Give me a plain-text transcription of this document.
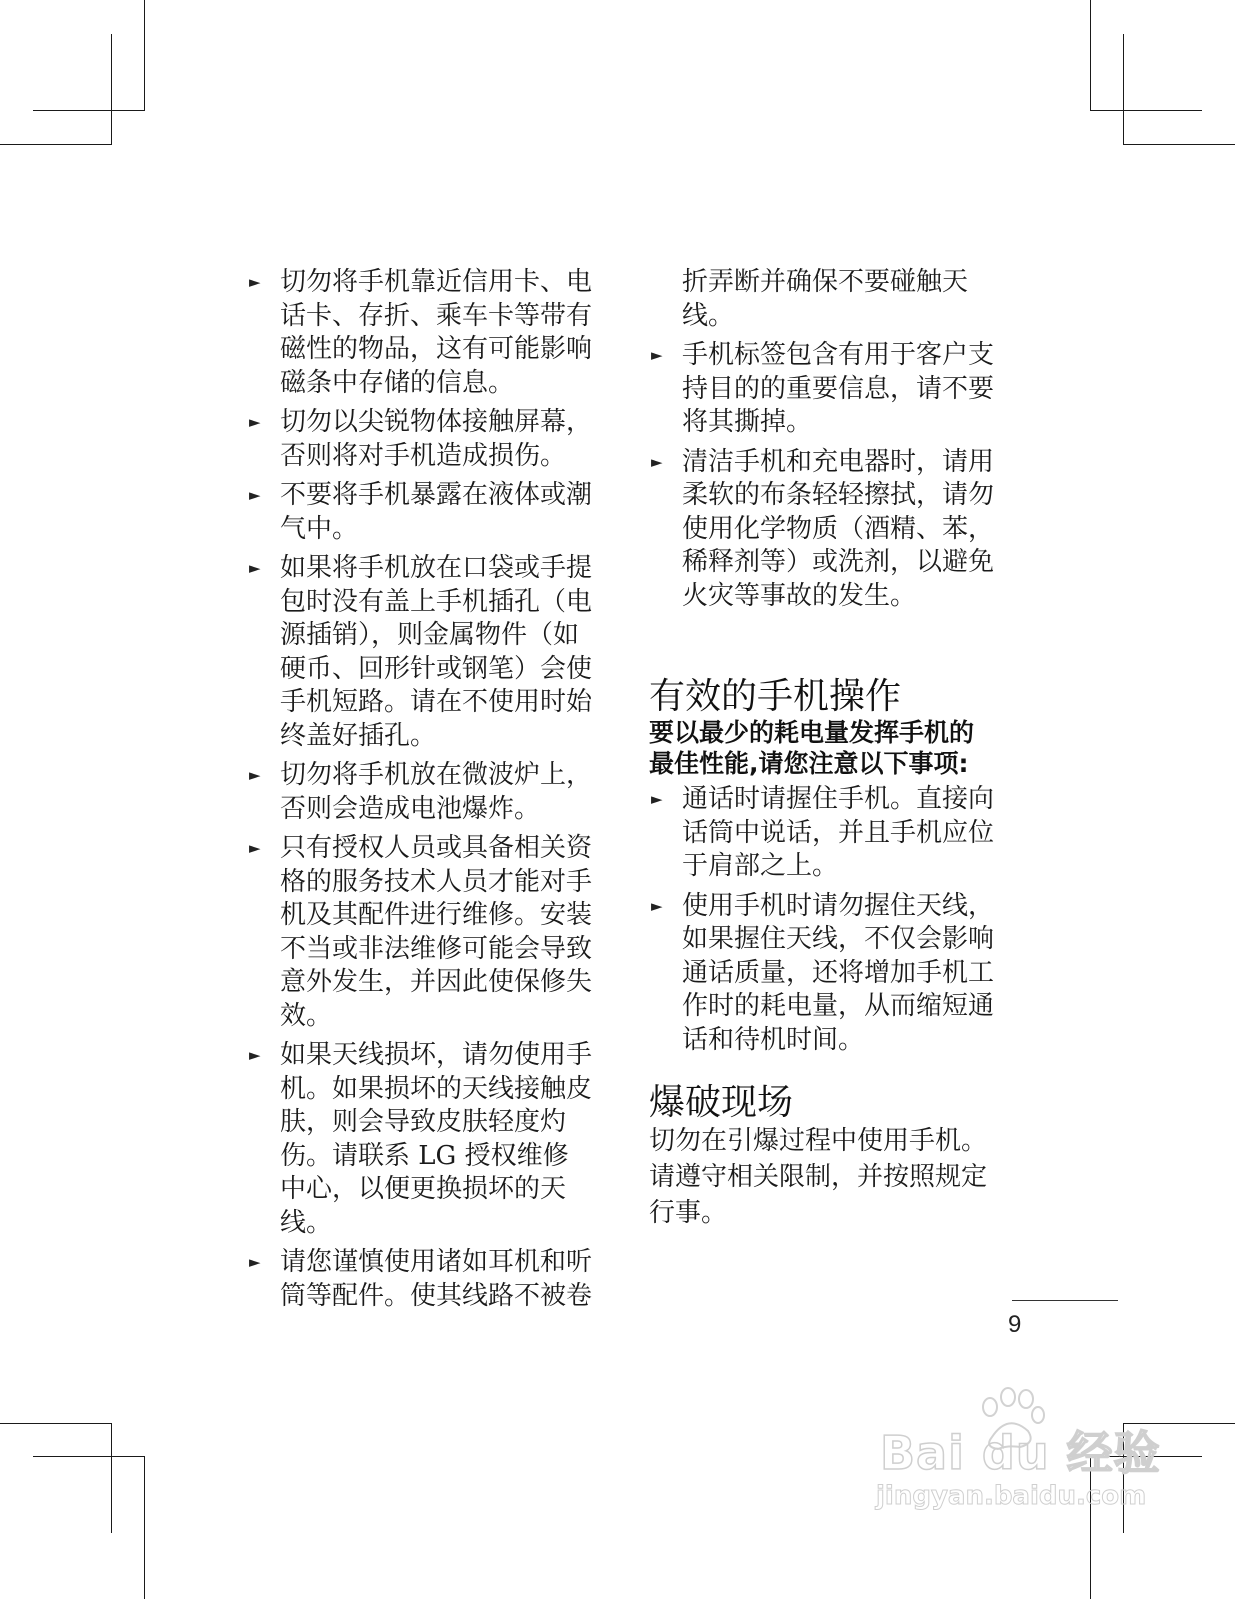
► 切勿将手机靠近信用卡、电话卡、存折、乘车卡等带有磁性的物品，这有可能影响磁条中存储的信息。
► 切勿以尖锐物体接触屏幕，否则将对手机造成损伤。
► 不要将手机暴露在液体或潮气中。
► 如果将手机放在口袋或手提包时没有盖上手机插孔（电源插销），则金属物件（如硬币、回形针或钢笔）会使手机短路。请在不使用时始终盖好插孔。
► 切勿将手机放在微波炉上，否则会造成电池爆炸。
► 只有授权人员或具备相关资格的服务技术人员才能对手机及其配件进行维修。安装不当或非法维修可能会导致意外发生，并因此使保修失效。
► 如果天线损坏，请勿使用手机。如果损坏的天线接触皮肤，则会导致皮肤轻度灼伤。请联系 LG 授权维修中心，以便更换损坏的天线。
► 请您谨慎使用诸如耳机和听筒等配件。使其线路不被卷
折弄断并确保不要碰触天线。
► 手机标签包含有用于客户支持目的的重要信息，请不要将其撕掉。
► 清洁手机和充电器时，请用柔软的布条轻轻擦拭，请勿使用化学物质（酒精、苯，稀释剂等）或洗剂，以避免火灾等事故的发生。
有效的手机操作

要以最少的耗电量发挥手机的最佳性能,请您注意以下事项:

► 通话时请握住手机。直接向话筒中说话，并且手机应位于肩部之上。
► 使用手机时请勿握住天线，如果握住天线，不仅会影响通话质量，还将增加手机工作时的耗电量，从而缩短通话和待机时间。
爆破现场

切勿在引爆过程中使用手机。请遵守相关限制，并按照规定行事。

9
Bai du 经验
jingyan.baidu.com
